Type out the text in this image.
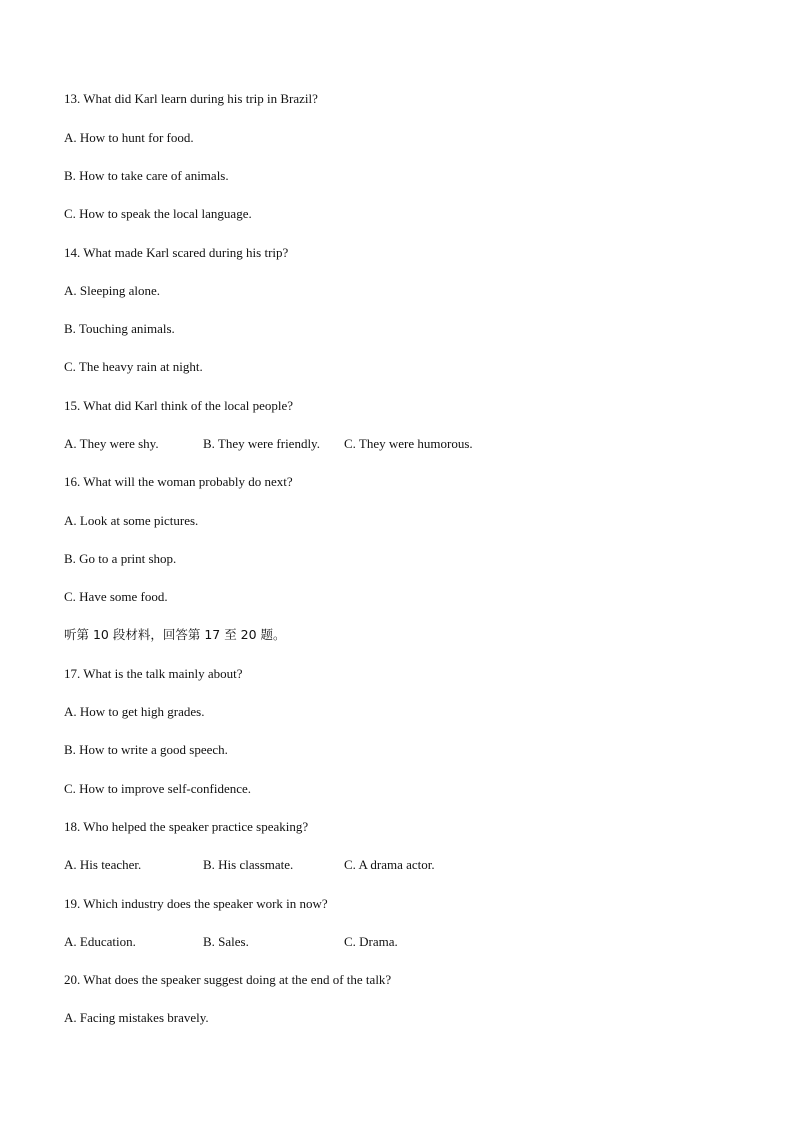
13. What did Karl learn during his trip in Brazil?
A. How to hunt for food.
B. How to take care of animals.
C. How to speak the local language.
14. What made Karl scared during his trip?
A. Sleeping alone.
B. Touching animals.
C. The heavy rain at night.
15. What did Karl think of the local people?
A. They were shy.	B. They were friendly. C. They were humorous.
16. What will the woman probably do next?
A. Look at some pictures.
B. Go to a print shop.
C. Have some food.
听第 10 段材料，回答第 17 至 20 题。
17. What is the talk mainly about?
A. How to get high grades.
B. How to write a good speech.
C. How to improve self-confidence.
18. Who helped the speaker practice speaking?
A. His teacher.	B. His classmate.	C. A drama actor.
19. Which industry does the speaker work in now?
A. Education.	B. Sales.	C. Drama.
20. What does the speaker suggest doing at the end of the talk?
A. Facing mistakes bravely.
